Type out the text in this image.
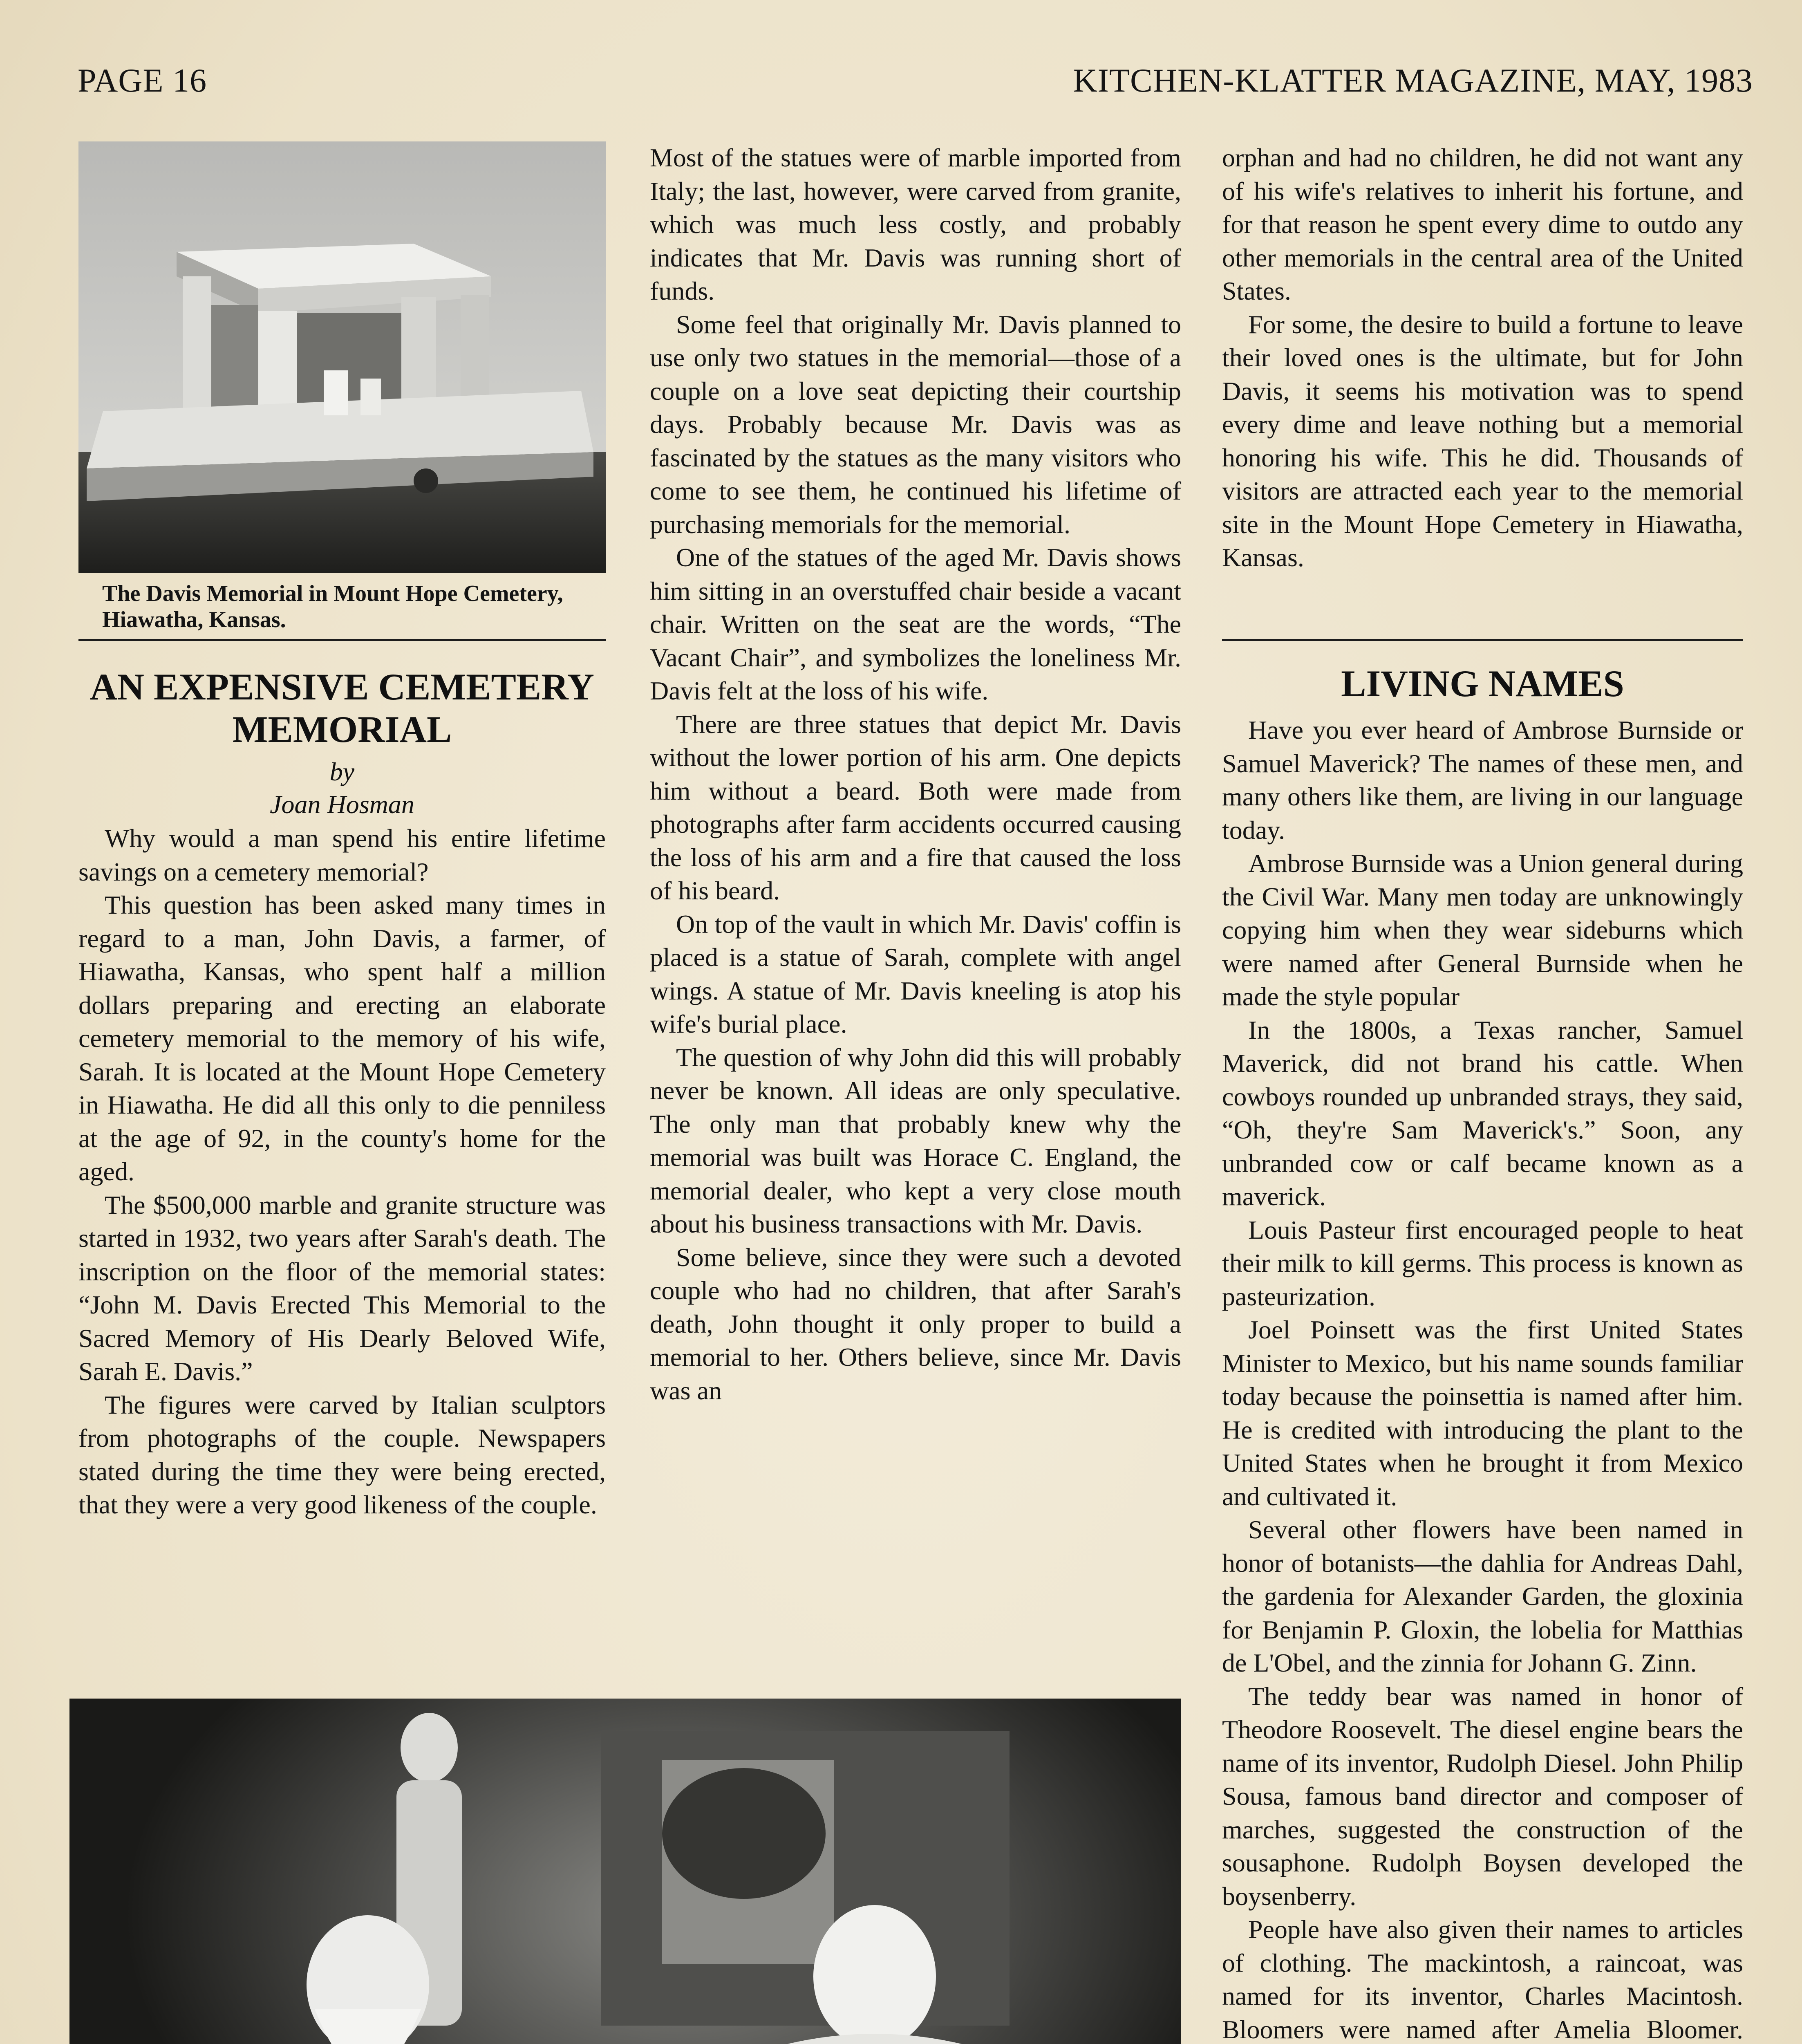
PAGE 16	KITCHEN-KLATTER MAGAZINE, MAY, 1983
The Davis Memorial in Mount Hope Cemetery, Hiawatha, Kansas.
AN EXPENSIVE CEMETERY MEMORIAL
by
Joan Hosman

Why would a man spend his entire lifetime savings on a cemetery memorial?

This question has been asked many times in regard to a man, John Davis, a farmer, of Hiawatha, Kansas, who spent half a million dollars preparing and erecting an elaborate cemetery memorial to the memory of his wife, Sarah. It is located at the Mount Hope Cemetery in Hiawatha. He did all this only to die penniless at the age of 92, in the county's home for the aged.

The $500,000 marble and granite structure was started in 1932, two years after Sarah's death. The inscription on the floor of the memorial states: “John M. Davis Erected This Memorial to the Sacred Memory of His Dearly Beloved Wife, Sarah E. Davis.”

The figures were carved by Italian sculptors from photographs of the couple. Newspapers stated during the time they were being erected, that they were a very good likeness of the couple.

Most of the statues were of marble imported from Italy; the last, however, were carved from granite, which was much less costly, and probably indicates that Mr. Davis was running short of funds.

Some feel that originally Mr. Davis planned to use only two statues in the memorial—those of a couple on a love seat depicting their courtship days. Probably because Mr. Davis was as fascinated by the statues as the many visitors who come to see them, he continued his lifetime of purchasing memorials for the memorial.

One of the statues of the aged Mr. Davis shows him sitting in an overstuffed chair beside a vacant chair. Written on the seat are the words, “The Vacant Chair”, and symbolizes the loneliness Mr. Davis felt at the loss of his wife.

There are three statues that depict Mr. Davis without the lower portion of his arm. One depicts him without a beard. Both were made from photographs after farm accidents occurred causing the loss of his arm and a fire that caused the loss of his beard.

On top of the vault in which Mr. Davis' coffin is placed is a statue of Sarah, complete with angel wings. A statue of Mr. Davis kneeling is atop his wife's burial place.

The question of why John did this will probably never be known. All ideas are only speculative. The only man that probably knew why the memorial was built was Horace C. England, the memorial dealer, who kept a very close mouth about his business transactions with Mr. Davis.

Some believe, since they were such a devoted couple who had no children, that after Sarah's death, John thought it only proper to build a memorial to her. Others believe, since Mr. Davis was an

orphan and had no children, he did not want any of his wife's relatives to inherit his fortune, and for that reason he spent every dime to outdo any other memorials in the central area of the United States.

For some, the desire to build a fortune to leave their loved ones is the ultimate, but for John Davis, it seems his motivation was to spend every dime and leave nothing but a memorial honoring his wife. This he did. Thousands of visitors are attracted each year to the memorial site in the Mount Hope Cemetery in Hiawatha, Kansas.

LIVING NAMES

Have you ever heard of Ambrose Burnside or Samuel Maverick? The names of these men, and many others like them, are living in our language today.

Ambrose Burnside was a Union general during the Civil War. Many men today are unknowingly copying him when they wear sideburns which were named after General Burnside when he made the style popular

In the 1800s, a Texas rancher, Samuel Maverick, did not brand his cattle. When cowboys rounded up unbranded strays, they said, “Oh, they're Sam Maverick's.” Soon, any unbranded cow or calf became known as a maverick.

Louis Pasteur first encouraged people to heat their milk to kill germs. This process is known as pasteurization.

Joel Poinsett was the first United States Minister to Mexico, but his name sounds familiar today because the poinsettia is named after him. He is credited with introducing the plant to the United States when he brought it from Mexico and cultivated it.

Several other flowers have been named in honor of botanists—the dahlia for Andreas Dahl, the gardenia for Alexander Garden, the gloxinia for Benjamin P. Gloxin, the lobelia for Matthias de L'Obel, and the zinnia for Johann G. Zinn.

The teddy bear was named in honor of Theodore Roosevelt. The diesel engine bears the name of its inventor, Rudolph Diesel. John Philip Sousa, famous band director and composer of marches, suggested the construction of the sousaphone. Rudolph Boysen developed the boysenberry.

People have also given their names to articles of clothing. The mackintosh, a raincoat, was named for its inventor, Charles Macintosh. Bloomers were named after Amelia Bloomer.
